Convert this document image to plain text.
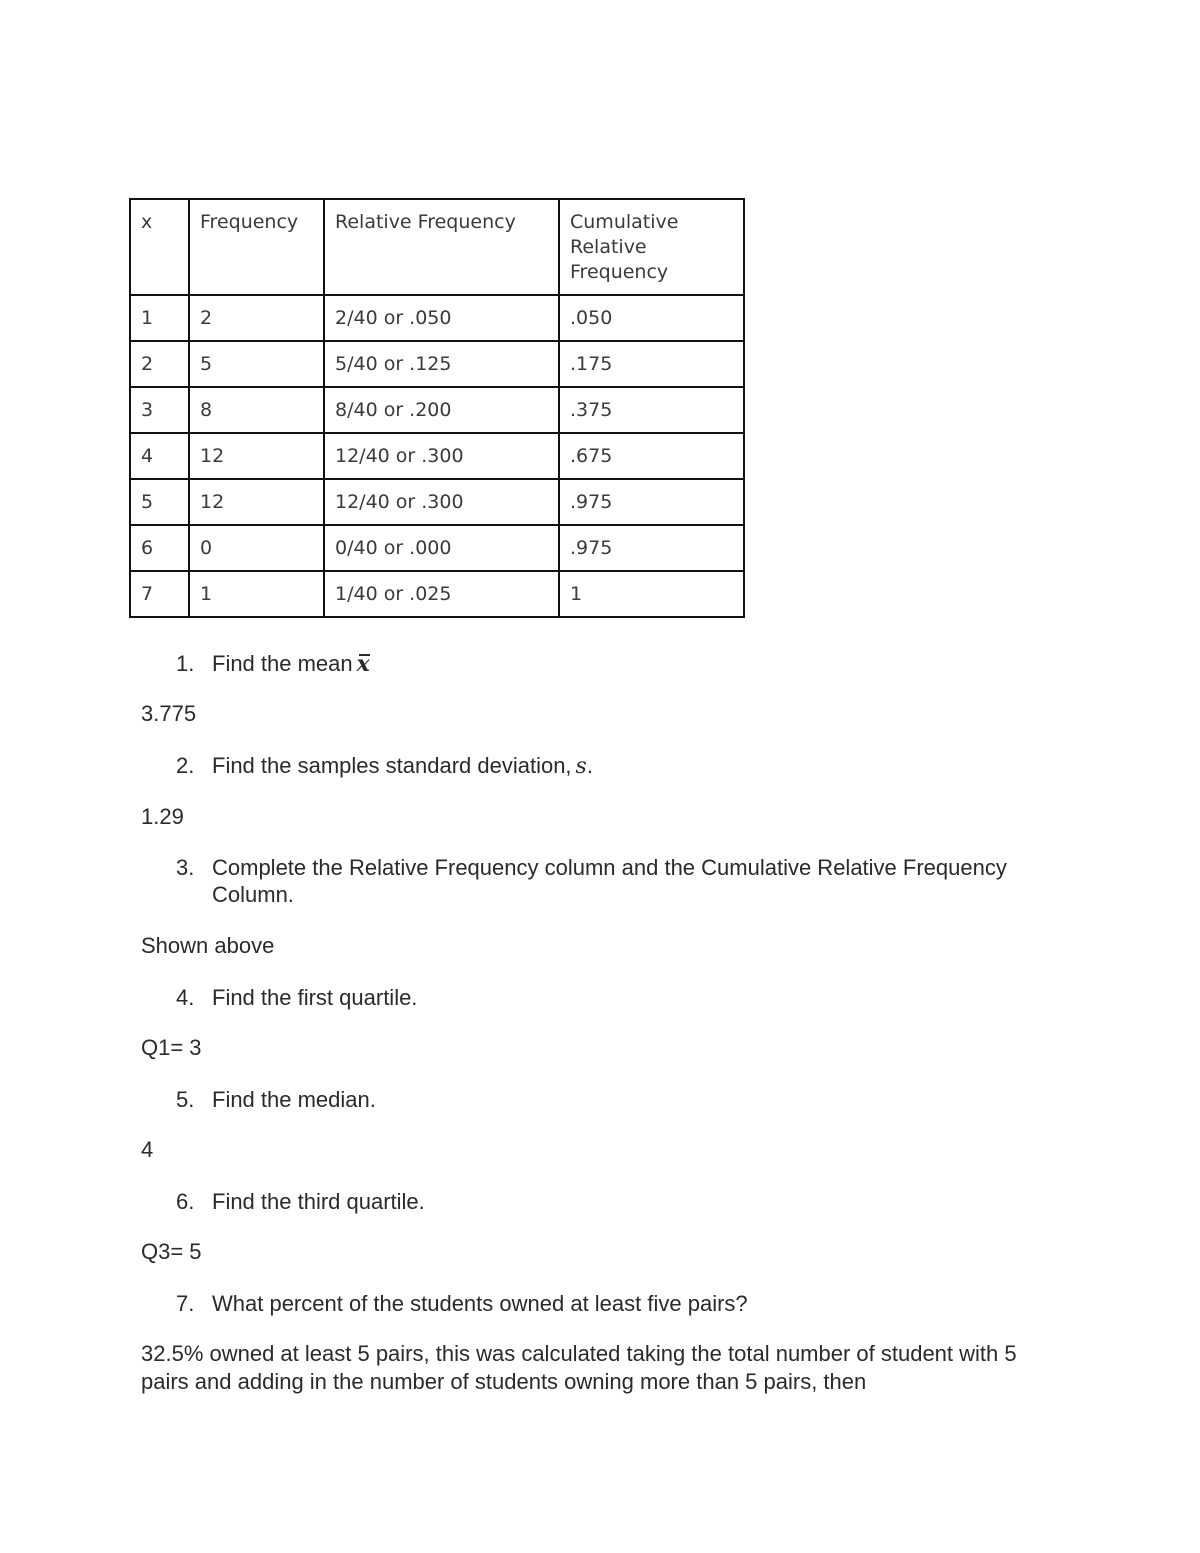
x	Frequency	Relative Frequency	Cumulative Relative Frequency
1	2	2/40 or .050	.050
2	5	5/40 or .125	.175
3	8	8/40 or .200	.375
4	12	12/40 or .300	.675
5	12	12/40 or .300	.975
6	0	0/40 or .000	.975
7	1	1/40 or .025	1
1. Find the mean x
3.775
2. Find the samples standard deviation, s.
1.29
3. Complete the Relative Frequency column and the Cumulative Relative Frequency Column.
Shown above
4. Find the first quartile.
Q1= 3
5. Find the median.
4
6. Find the third quartile.
Q3= 5
7. What percent of the students owned at least five pairs?
32.5% owned at least 5 pairs, this was calculated taking the total number of student with 5 pairs and adding in the number of students owning more than 5 pairs, then
